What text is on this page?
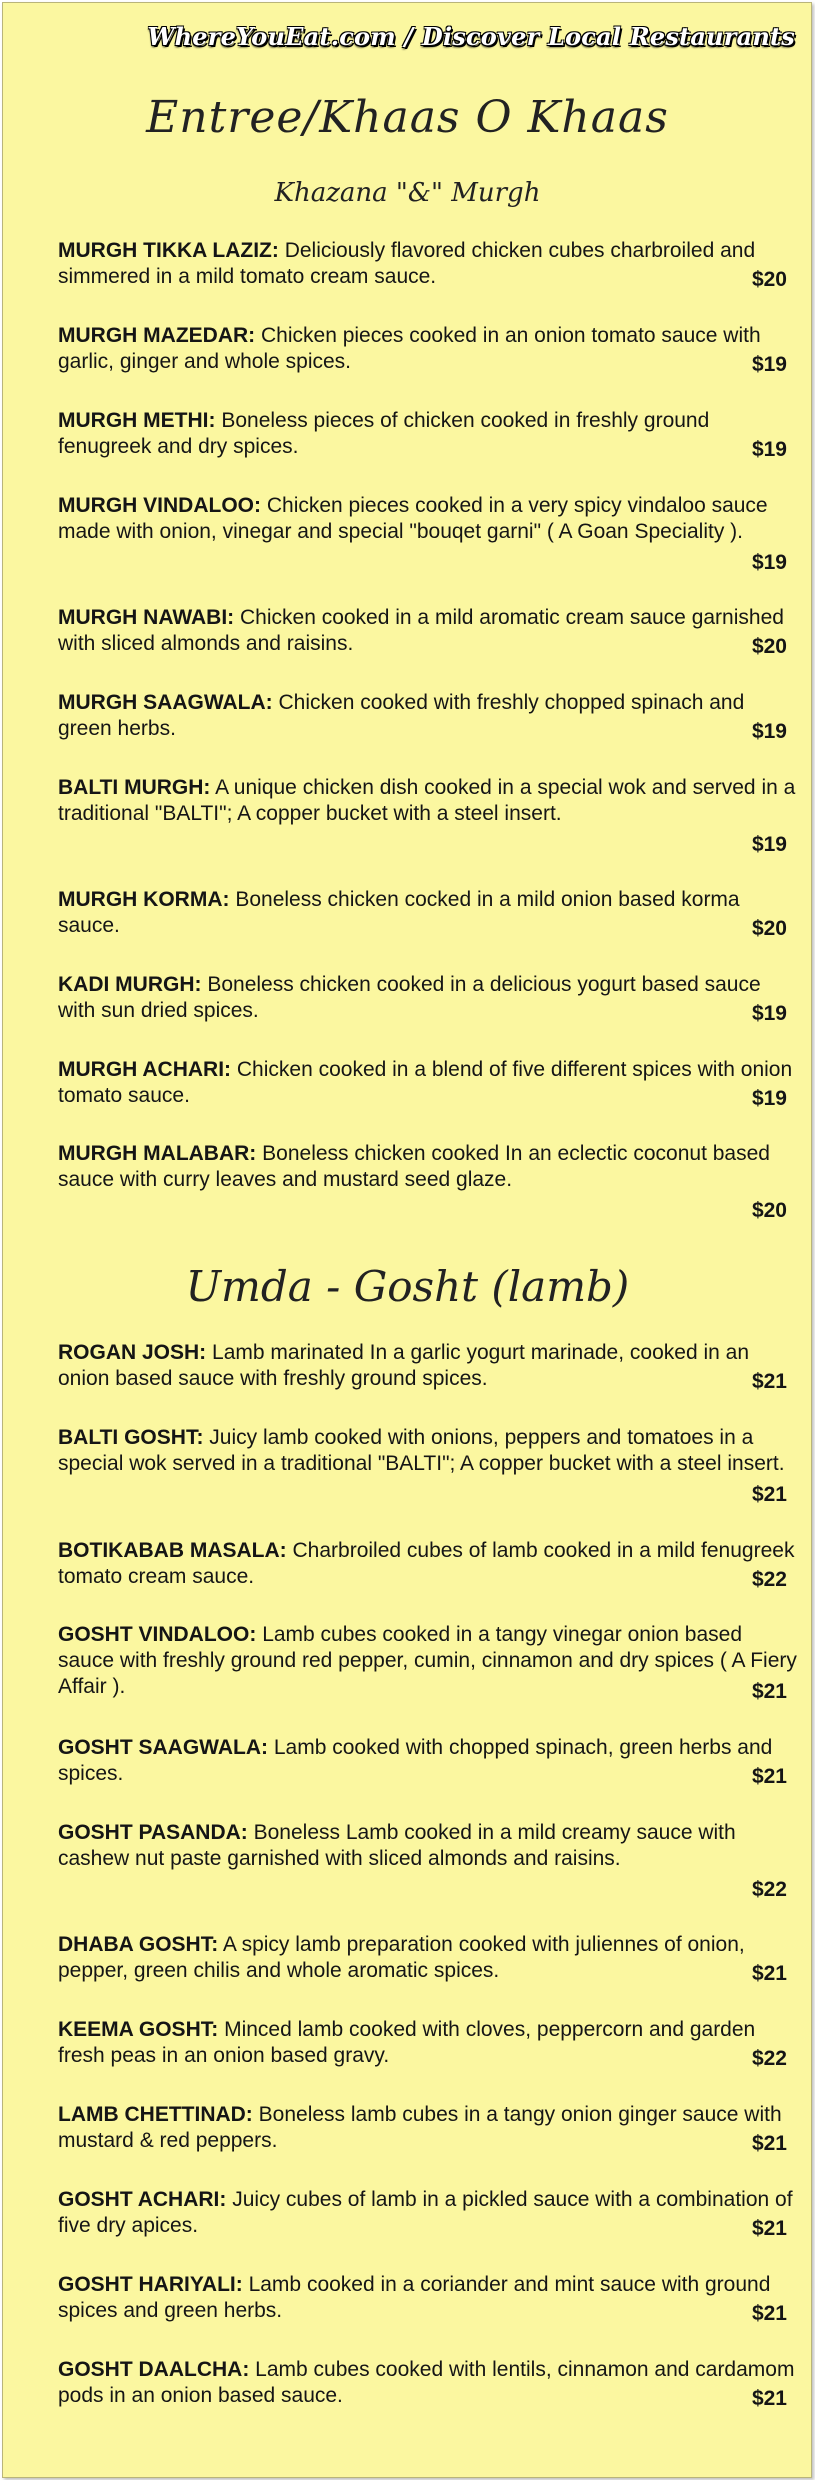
WhereYouEat.com / Discover Local Restaurants
Entree/Khaas O Khaas
Khazana "&" Murgh
MURGH TIKKA LAZIZ: Deliciously flavored chicken cubes charbroiled and simmered in a mild tomato cream sauce.	$20
MURGH MAZEDAR: Chicken pieces cooked in an onion tomato sauce with garlic, ginger and whole spices.	$19
MURGH METHI: Boneless pieces of chicken cooked in freshly ground fenugreek and dry spices.	$19
MURGH VINDALOO: Chicken pieces cooked in a very spicy vindaloo sauce made with onion, vinegar and special "bouqet garni" ( A Goan Speciality ).
$19
MURGH NAWABI: Chicken cooked in a mild aromatic cream sauce garnished with sliced almonds and raisins.	$20
MURGH SAAGWALA: Chicken cooked with freshly chopped spinach and green herbs.	$19
BALTI MURGH: A unique chicken dish cooked in a special wok and served in a traditional "BALTI"; A copper bucket with a steel insert.
$19
MURGH KORMA: Boneless chicken cocked in a mild onion based korma sauce.	$20
KADI MURGH: Boneless chicken cooked in a delicious yogurt based sauce with sun dried spices.	$19
MURGH ACHARI: Chicken cooked in a blend of five different spices with onion tomato sauce.	$19
MURGH MALABAR: Boneless chicken cooked In an eclectic coconut based sauce with curry leaves and mustard seed glaze.
$20
Umda - Gosht (lamb)
ROGAN JOSH: Lamb marinated In a garlic yogurt marinade, cooked in an onion based sauce with freshly ground spices.	$21
BALTI GOSHT: Juicy lamb cooked with onions, peppers and tomatoes in a special wok served in a traditional "BALTI"; A copper bucket with a steel insert.
$21
BOTIKABAB MASALA: Charbroiled cubes of lamb cooked in a mild fenugreek tomato cream sauce.	$22
GOSHT VINDALOO: Lamb cubes cooked in a tangy vinegar onion based sauce with freshly ground red pepper, cumin, cinnamon and dry spices ( A Fiery Affair ).	$21
GOSHT SAAGWALA: Lamb cooked with chopped spinach, green herbs and spices.	$21
GOSHT PASANDA: Boneless Lamb cooked in a mild creamy sauce with cashew nut paste garnished with sliced almonds and raisins.
$22
DHABA GOSHT: A spicy lamb preparation cooked with juliennes of onion, pepper, green chilis and whole aromatic spices.	$21
KEEMA GOSHT: Minced lamb cooked with cloves, peppercorn and garden fresh peas in an onion based gravy.	$22
LAMB CHETTINAD: Boneless lamb cubes in a tangy onion ginger sauce with mustard & red peppers.	$21
GOSHT ACHARI: Juicy cubes of lamb in a pickled sauce with a combination of five dry apices.	$21
GOSHT HARIYALI: Lamb cooked in a coriander and mint sauce with ground spices and green herbs.	$21
GOSHT DAALCHA: Lamb cubes cooked with lentils, cinnamon and cardamom pods in an onion based sauce.	$21
